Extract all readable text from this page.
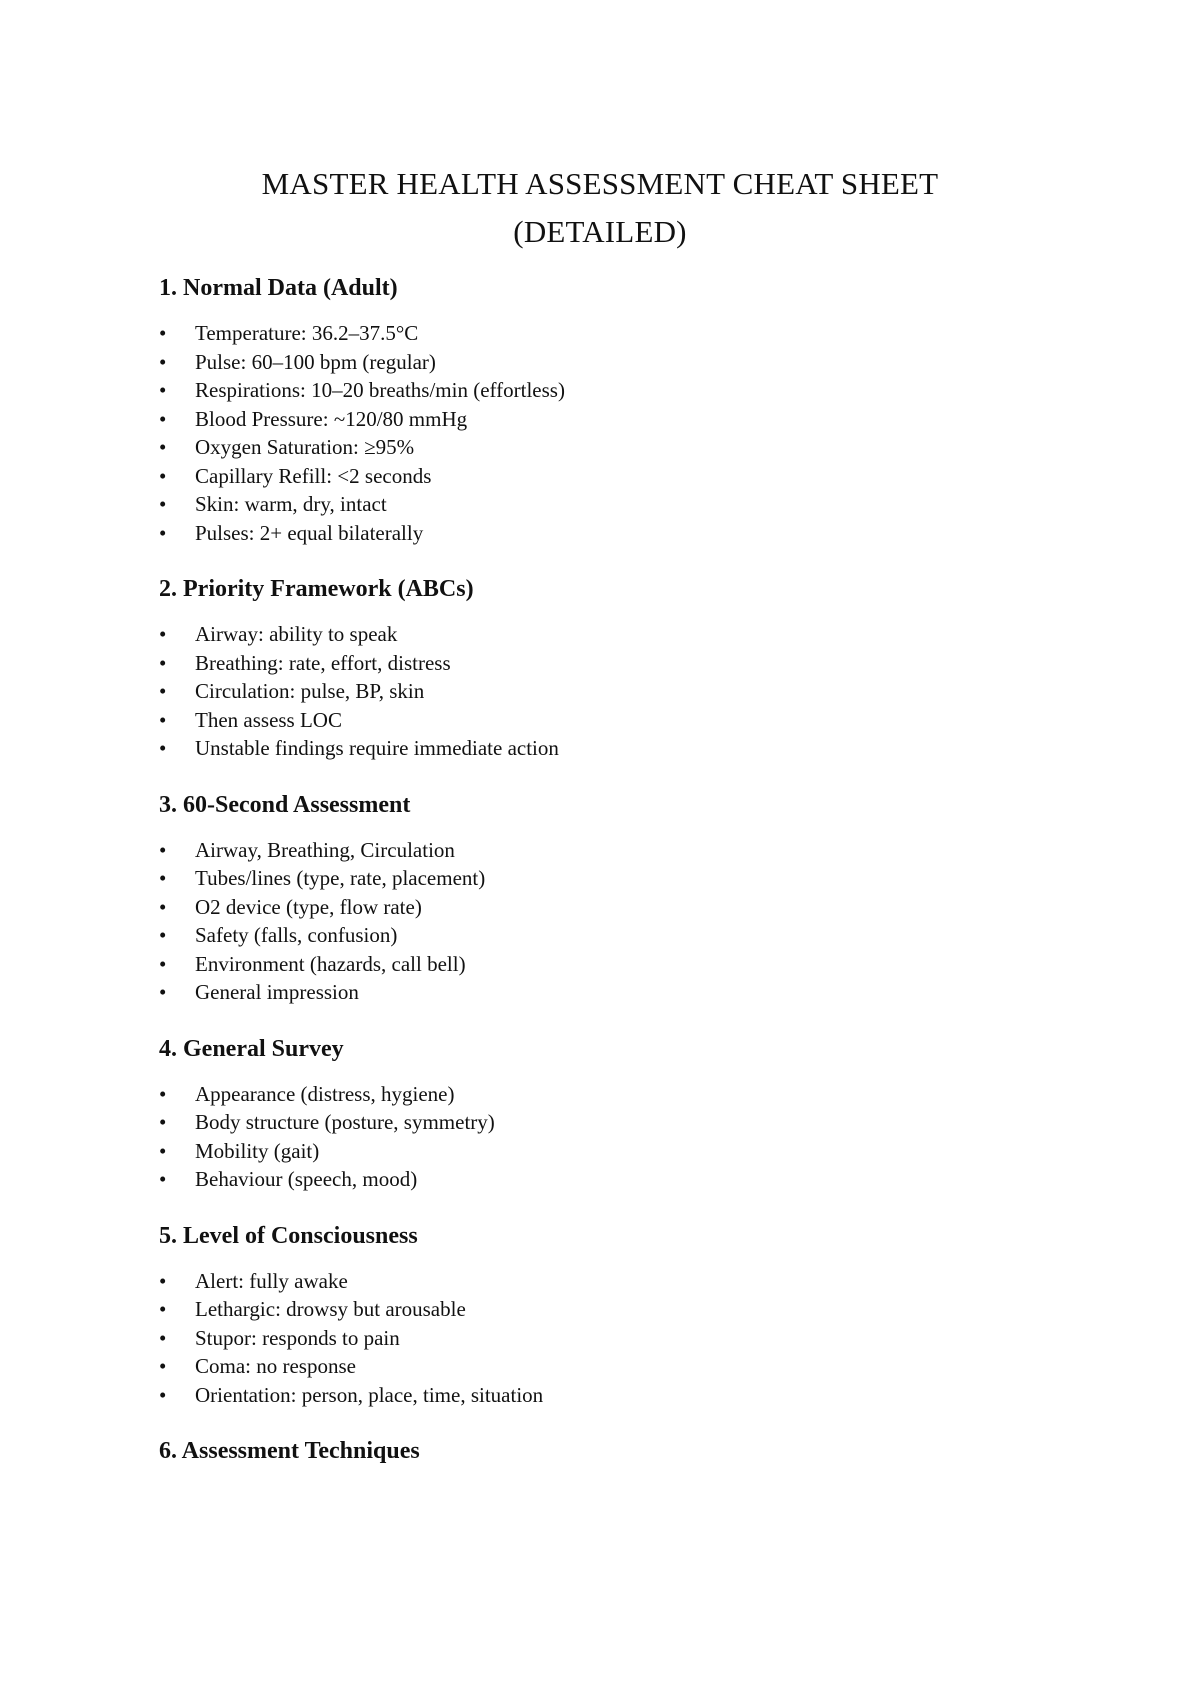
MASTER HEALTH ASSESSMENT CHEAT SHEET
(DETAILED)
1. Normal Data (Adult)
• Temperature: 36.2–37.5°C
• Pulse: 60–100 bpm (regular)
• Respirations: 10–20 breaths/min (effortless)
• Blood Pressure: ~120/80 mmHg
• Oxygen Saturation: ≥95%
• Capillary Refill: <2 seconds
• Skin: warm, dry, intact
• Pulses: 2+ equal bilaterally
2. Priority Framework (ABCs)
• Airway: ability to speak
• Breathing: rate, effort, distress
• Circulation: pulse, BP, skin
• Then assess LOC
• Unstable findings require immediate action
3. 60-Second Assessment
• Airway, Breathing, Circulation
• Tubes/lines (type, rate, placement)
• O2 device (type, flow rate)
• Safety (falls, confusion)
• Environment (hazards, call bell)
• General impression
4. General Survey
• Appearance (distress, hygiene)
• Body structure (posture, symmetry)
• Mobility (gait)
• Behaviour (speech, mood)
5. Level of Consciousness
• Alert: fully awake
• Lethargic: drowsy but arousable
• Stupor: responds to pain
• Coma: no response
• Orientation: person, place, time, situation
6. Assessment Techniques
